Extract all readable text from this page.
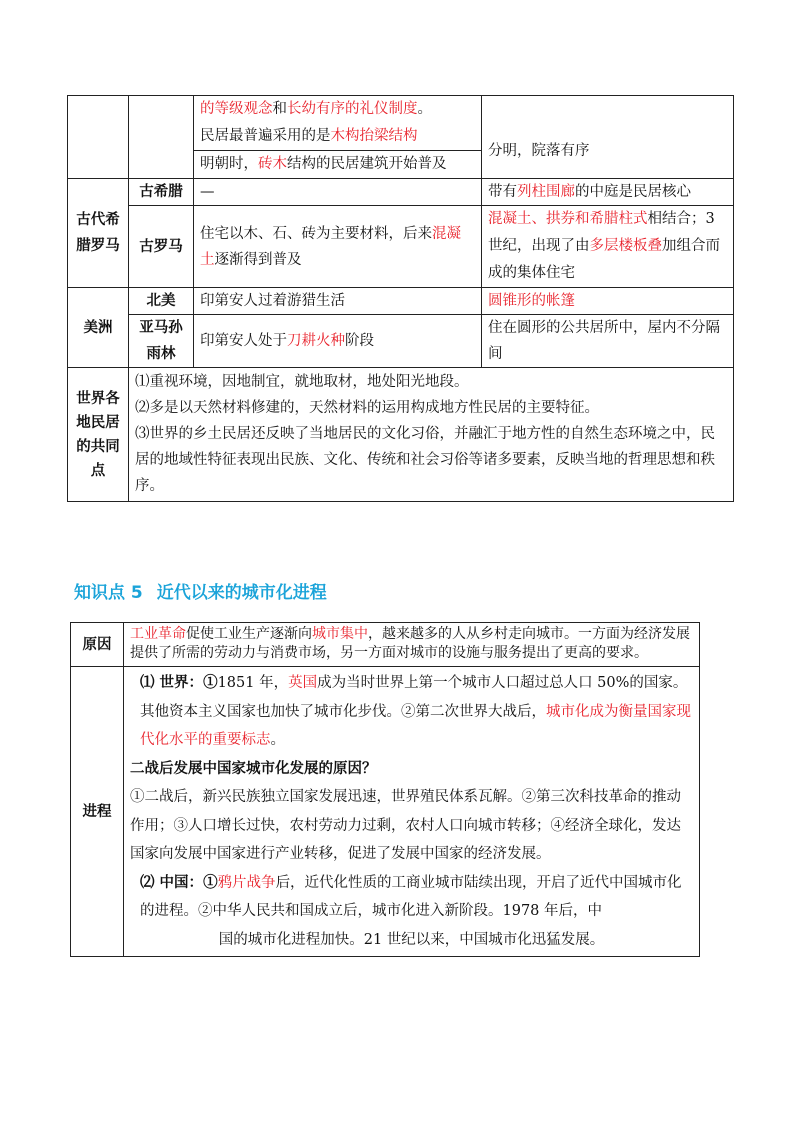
		的等级观念和长幼有序的礼仪制度。
民居最普遍采用的是木构抬梁结构
明朝时，砖木结构的民居建筑开始普及	分明，院落有序
古代希腊罗马	古希腊	—	带有列柱围廊的中庭是民居核心
	古罗马	住宅以木、石、砖为主要材料，后来混凝土逐渐得到普及	混凝土、拱券和希腊柱式相结合；3 世纪，出现了由多层楼板叠加组合而成的集体住宅
美洲	北美	印第安人过着游猎生活	圆锥形的帐篷
	亚马孙雨林	印第安人处于刀耕火种阶段	住在圆形的公共居所中，屋内不分隔间
世界各地民居的共同点	⑴重视环境，因地制宜，就地取材，地处阳光地段。
⑵多是以天然材料修建的，天然材料的运用构成地方性民居的主要特征。
⑶世界的乡土民居还反映了当地居民的文化习俗，并融汇于地方性的自然生态环境之中，民居的地域性特征表现出民族、文化、传统和社会习俗等诸多要素，反映当地的哲理思想和秩序。		
知识点 5 近代以来的城市化进程
原因	工业革命促使工业生产逐渐向城市集中，越来越多的人从乡村走向城市。一方面为经济发展提供了所需的劳动力与消费市场，另一方面对城市的设施与服务提出了更高的要求。
进程	⑴ 世界：①1851 年，英国成为当时世界上第一个城市人口超过总人口 50%的国家。其他资本主义国家也加快了城市化步伐。②第二次世界大战后，城市化成为衡量国家现代化水平的重要标志。
二战后发展中国家城市化发展的原因？
①二战后，新兴民族独立国家发展迅速，世界殖民体系瓦解。②第三次科技革命的推动作用；③人口增长过快，农村劳动力过剩，农村人口向城市转移；④经济全球化，发达国家向发展中国家进行产业转移，促进了发展中国家的经济发展。
⑵ 中国：①鸦片战争后，近代化性质的工商业城市陆续出现，开启了近代中国城市化的进程。②中华人民共和国成立后，城市化进入新阶段。1978 年后，中
国的城市化进程加快。21 世纪以来，中国城市化迅猛发展。
